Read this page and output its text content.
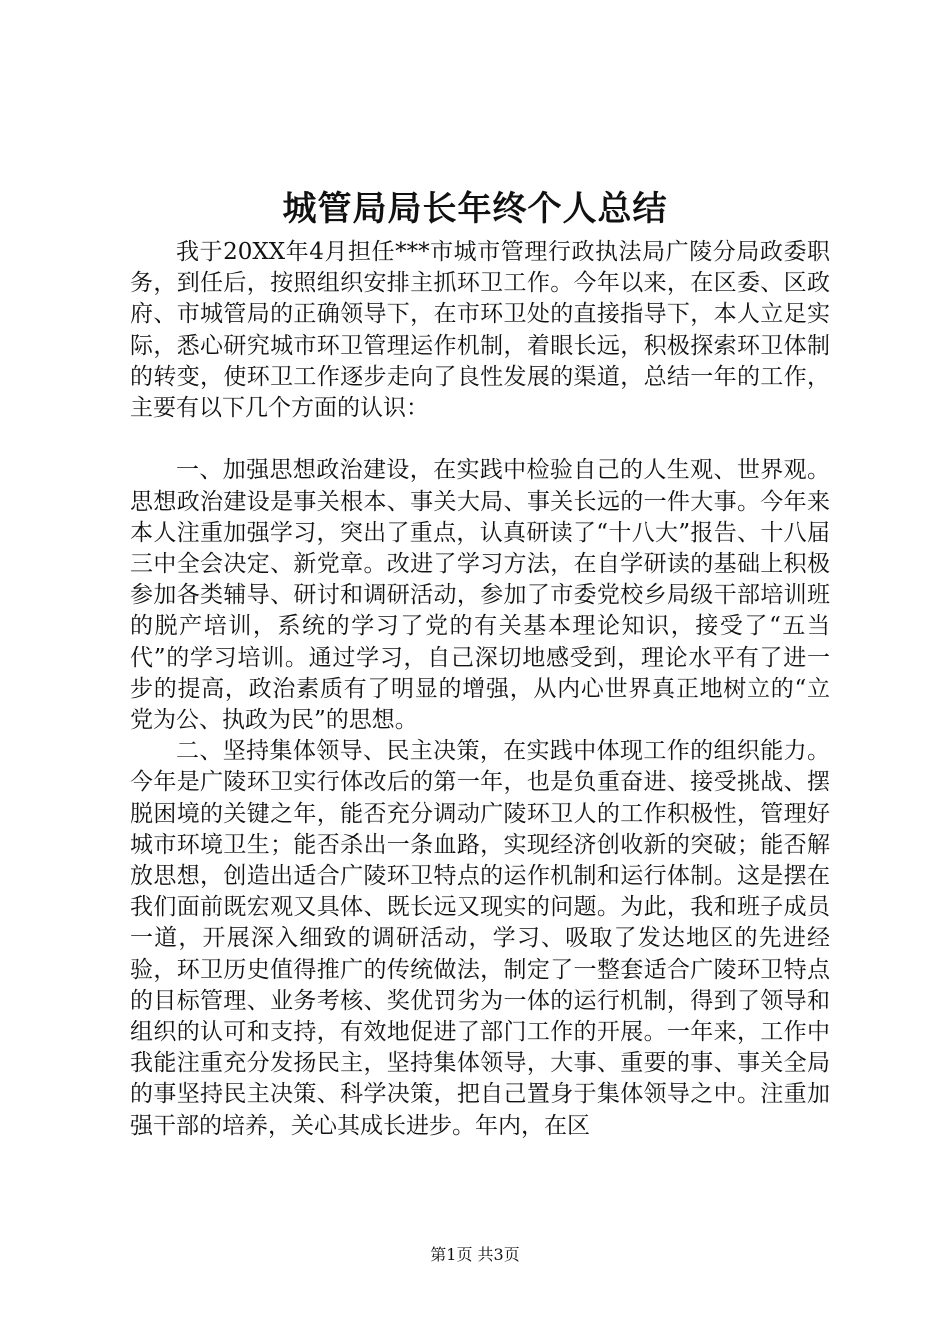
城管局局长年终个人总结

我于20XX年4月担任***市城市管理行政执法局广陵分局政委职务，到任后，按照组织安排主抓环卫工作。今年以来，在区委、区政府、市城管局的正确领导下，在市环卫处的直接指导下，本人立足实际，悉心研究城市环卫管理运作机制，着眼长远，积极探索环卫体制的转变，使环卫工作逐步走向了良性发展的渠道，总结一年的工作，主要有以下几个方面的认识：

一、加强思想政治建设，在实践中检验自己的人生观、世界观。思想政治建设是事关根本、事关大局、事关长远的一件大事。今年来本人注重加强学习，突出了重点，认真研读了“十八大”报告、十八届三中全会决定、新党章。改进了学习方法，在自学研读的基础上积极参加各类辅导、研讨和调研活动，参加了市委党校乡局级干部培训班的脱产培训，系统的学习了党的有关基本理论知识，接受了“五当代”的学习培训。通过学习，自己深切地感受到，理论水平有了进一步的提高，政治素质有了明显的增强，从内心世界真正地树立的“立党为公、执政为民”的思想。

二、坚持集体领导、民主决策，在实践中体现工作的组织能力。今年是广陵环卫实行体改后的第一年，也是负重奋进、接受挑战、摆脱困境的关键之年，能否充分调动广陵环卫人的工作积极性，管理好城市环境卫生；能否杀出一条血路，实现经济创收新的突破；能否解放思想，创造出适合广陵环卫特点的运作机制和运行体制。这是摆在我们面前既宏观又具体、既长远又现实的问题。为此，我和班子成员一道，开展深入细致的调研活动，学习、吸取了发达地区的先进经验，环卫历史值得推广的传统做法，制定了一整套适合广陵环卫特点的目标管理、业务考核、奖优罚劣为一体的运行机制，得到了领导和组织的认可和支持，有效地促进了部门工作的开展。一年来，工作中我能注重充分发扬民主，坚持集体领导，大事、重要的事、事关全局的事坚持民主决策、科学决策，把自己置身于集体领导之中。注重加强干部的培养，关心其成长进步。年内，在区

第1页 共3页
